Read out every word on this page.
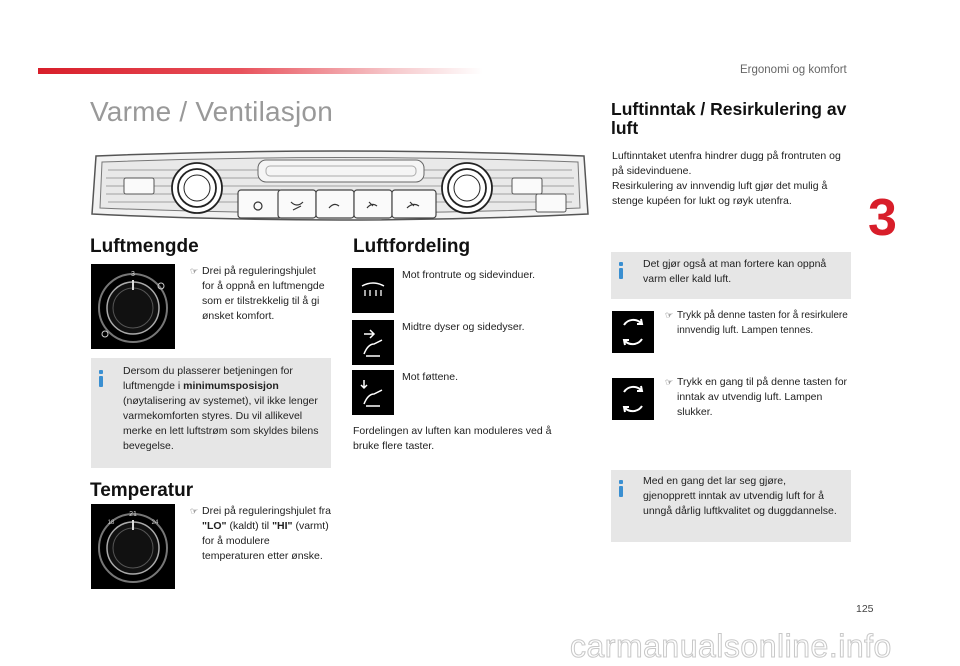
Ergonomi og komfort
3
Varme / Ventilasjon
Luftmengde
3	☞ Drei på reguleringshjulet for å oppnå en luftmengde som er tilstrekkelig til å gi ønsket komfort.
Dersom du plasserer betjeningen for luftmengde i minimumsposisjon (nøytalisering av systemet), vil ikke lenger varmekomforten styres. Du vil allikevel merke en lett luftstrøm som skyldes bilens bevegelse.
Temperatur
21
18	24
☞ Drei på reguleringshjulet fra "LO" (kaldt) til "HI" (varmt) for å modulere temperaturen etter ønske.
Luftfordeling
Mot frontrute og sidevinduer.
Midtre dyser og sidedyser.
Mot føttene.
Fordelingen av luften kan moduleres ved å bruke flere taster.
Luftinntak / Resirkulering av luft
Luftinntaket utenfra hindrer dugg på frontruten og på sidevinduene.
Resirkulering av innvendig luft gjør det mulig å stenge kupéen for lukt og røyk utenfra.
Det gjør også at man fortere kan oppnå varm eller kald luft.
☞ Trykk på denne tasten for å resirkulere innvendig luft. Lampen tennes.
☞ Trykk en gang til på denne tasten for inntak av utvendig luft. Lampen slukker.
Med en gang det lar seg gjøre, gjenopprett inntak av utvendig luft for å unngå dårlig luftkvalitet og duggdannelse.
125
carmanualsonline.info
